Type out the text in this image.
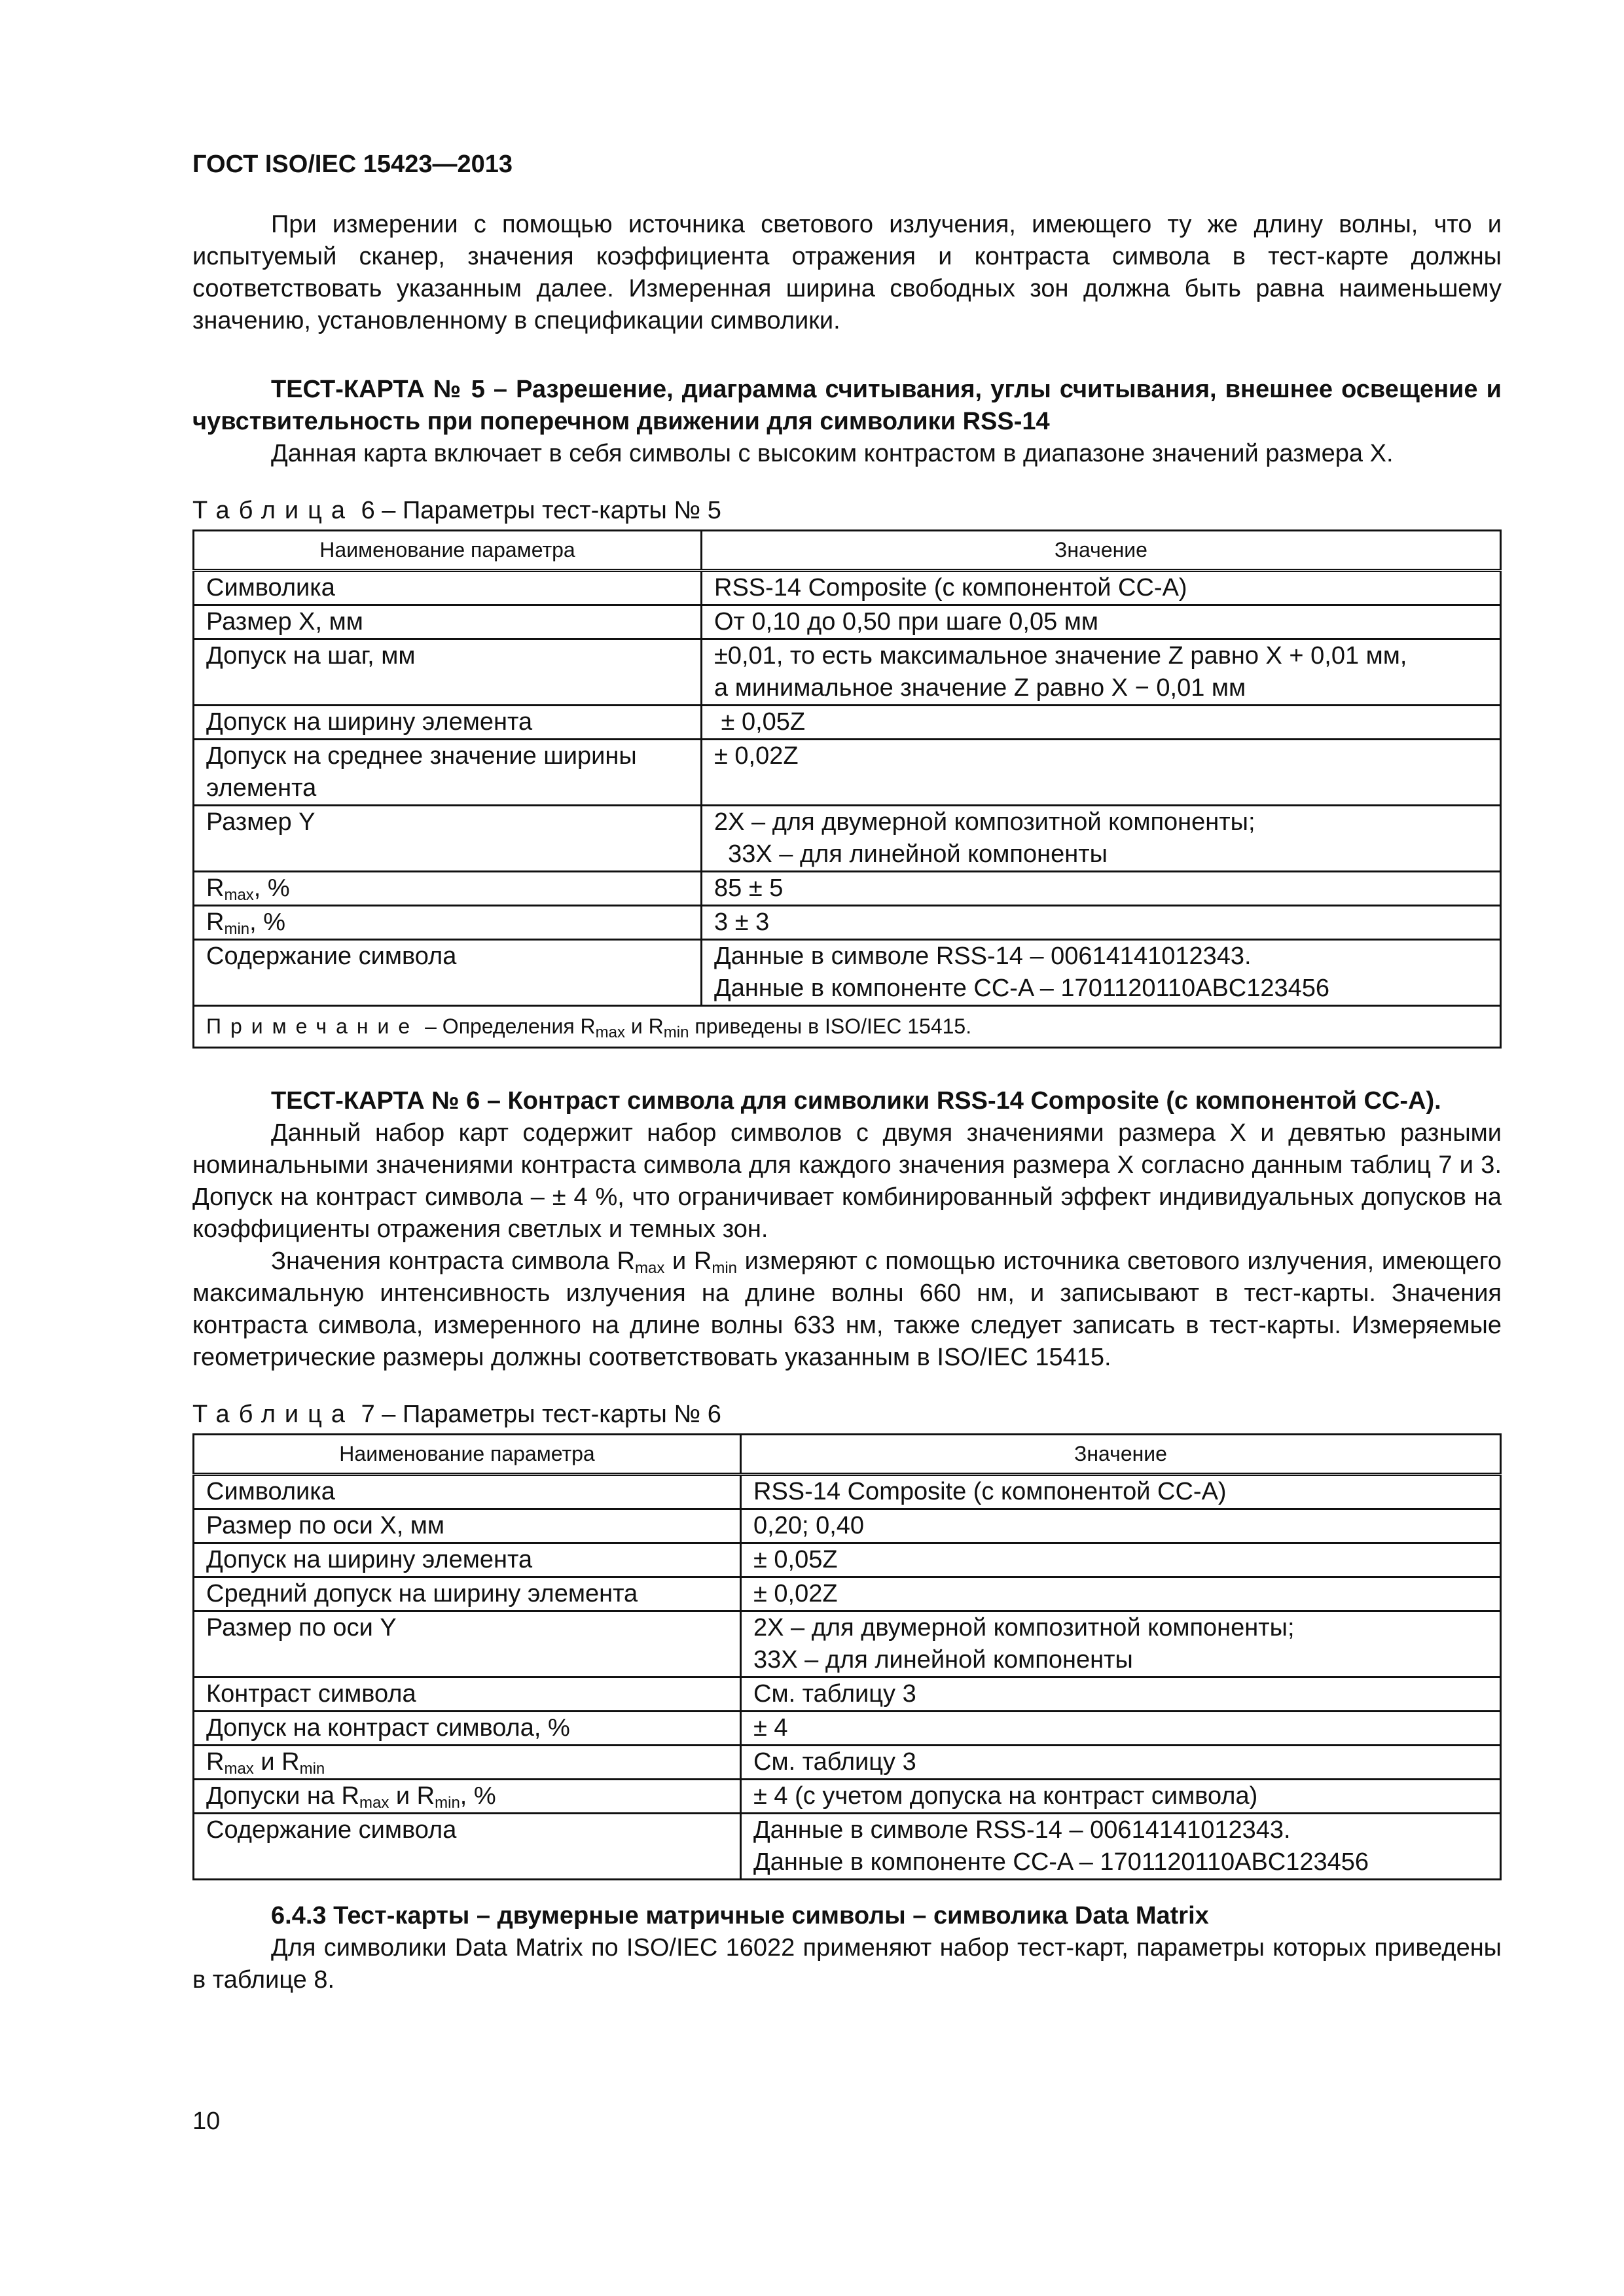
ГОСТ ISO/IEC 15423—2013

При измерении с помощью источника светового излучения, имеющего ту же длину волны, что и испытуемый сканер, значения коэффициента отражения и контраста символа в тест-карте должны соответствовать указанным далее. Измеренная ширина свободных зон должна быть равна наименьшему значению, установленному в спецификации символики.

ТЕСТ-КАРТА № 5 – Разрешение, диаграмма считывания, углы считывания, внешнее освещение и чувствительность при поперечном движении для символики RSS-14

Данная карта включает в себя символы с высоким контрастом в диапазоне значений размера X.

Таблица 6 – Параметры тест-карты № 5
Наименование параметра	Значение
Символика	RSS-14 Composite (с компонентой CC-A)
Размер X, мм	От 0,10 до 0,50 при шаге 0,05 мм
Допуск на шаг, мм	±0,01, то есть максимальное значение Z равно X + 0,01 мм,
а минимальное значение Z равно X − 0,01 мм

Допуск на ширину элемента	± 0,05Z
Допуск на среднее значение ширины элемента	± 0,02Z
Размер Y	2X – для двумерной композитной компоненты;
33X – для линейной компоненты

$R_{max}$, %	85 ± 5
$R_{min}$, %	3 ± 3
Содержание символа	Данные в символе RSS-14 – 00614141012343.
Данные в компоненте CC-A – 1701120110ABC123456

Примечание – Определения $R_{max}$ и $R_{min}$ приведены в ISO/IEC 15415.	

ТЕСТ-КАРТА № 6 – Контраст символа для символики RSS-14 Composite (с компонентой CC-A).

Данный набор карт содержит набор символов с двумя значениями размера X и девятью разными номинальными значениями контраста символа для каждого значения размера X согласно данным таблиц 7 и 3. Допуск на контраст символа – ± 4 %, что ограничивает комбинированный эффект индивидуальных допусков на коэффициенты отражения светлых и темных зон.

Значения контраста символа $R_{max}$ и $R_{min}$ измеряют с помощью источника светового излучения, имеющего максимальную интенсивность излучения на длине волны 660 нм, и записывают в тест-карты. Значения контраста символа, измеренного на длине волны 633 нм, также следует записать в тест-карты. Измеряемые геометрические размеры должны соответствовать указанным в ISO/IEC 15415.

Таблица 7 – Параметры тест-карты № 6
Наименование параметра	Значение
Символика	RSS-14 Composite (с компонентой CC-A)
Размер по оси X, мм	0,20; 0,40
Допуск на ширину элемента	± 0,05Z
Средний допуск на ширину элемента	± 0,02Z
Размер по оси Y	2X – для двумерной композитной компоненты;
33X – для линейной компоненты

Контраст символа	См. таблицу 3
Допуск на контраст символа, %	± 4
$R_{max}$ и $R_{min}$	См. таблицу 3
Допуски на $R_{max}$ и $R_{min}$, %	± 4 (с учетом допуска на контраст символа)
Содержание символа	Данные в символе RSS-14 – 00614141012343.
Данные в компоненте CC-A – 1701120110ABC123456

6.4.3 Тест-карты – двумерные матричные символы – символика Data Matrix

Для символики Data Matrix по ISO/IEC 16022 применяют набор тест-карт, параметры которых приведены в таблице 8.

10
